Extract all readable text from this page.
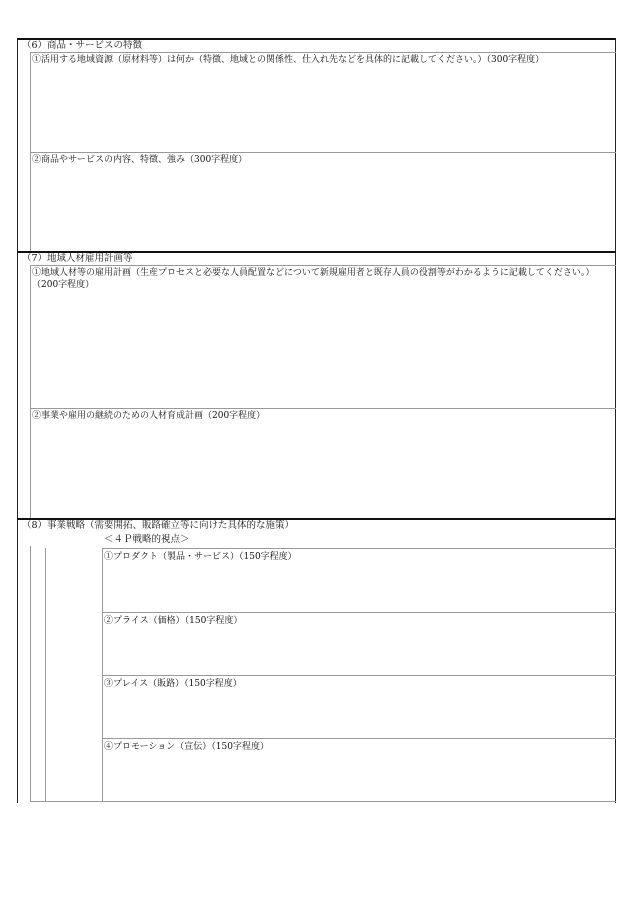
（6）商品・サービスの特徴
①活用する地域資源（原材料等）は何か（特徴、地域との関係性、仕入れ先などを具体的に記載してください。）（300字程度）
②商品やサービスの内容、特徴、強み（300字程度）
（7）地域人材雇用計画等
①地域人材等の雇用計画（生産プロセスと必要な人員配置などについて新規雇用者と既存人員の役割等がわかるように記載してください。）
（200字程度）
②事業や雇用の継続のための人材育成計画（200字程度）
（8）事業戦略（需要開拓、販路確立等に向けた具体的な施策）
＜４Ｐ戦略的視点＞
①プロダクト（製品・サービス）（150字程度）
②プライス（価格）（150字程度）
③プレイス（販路）（150字程度）
④プロモーション（宣伝）（150字程度）
